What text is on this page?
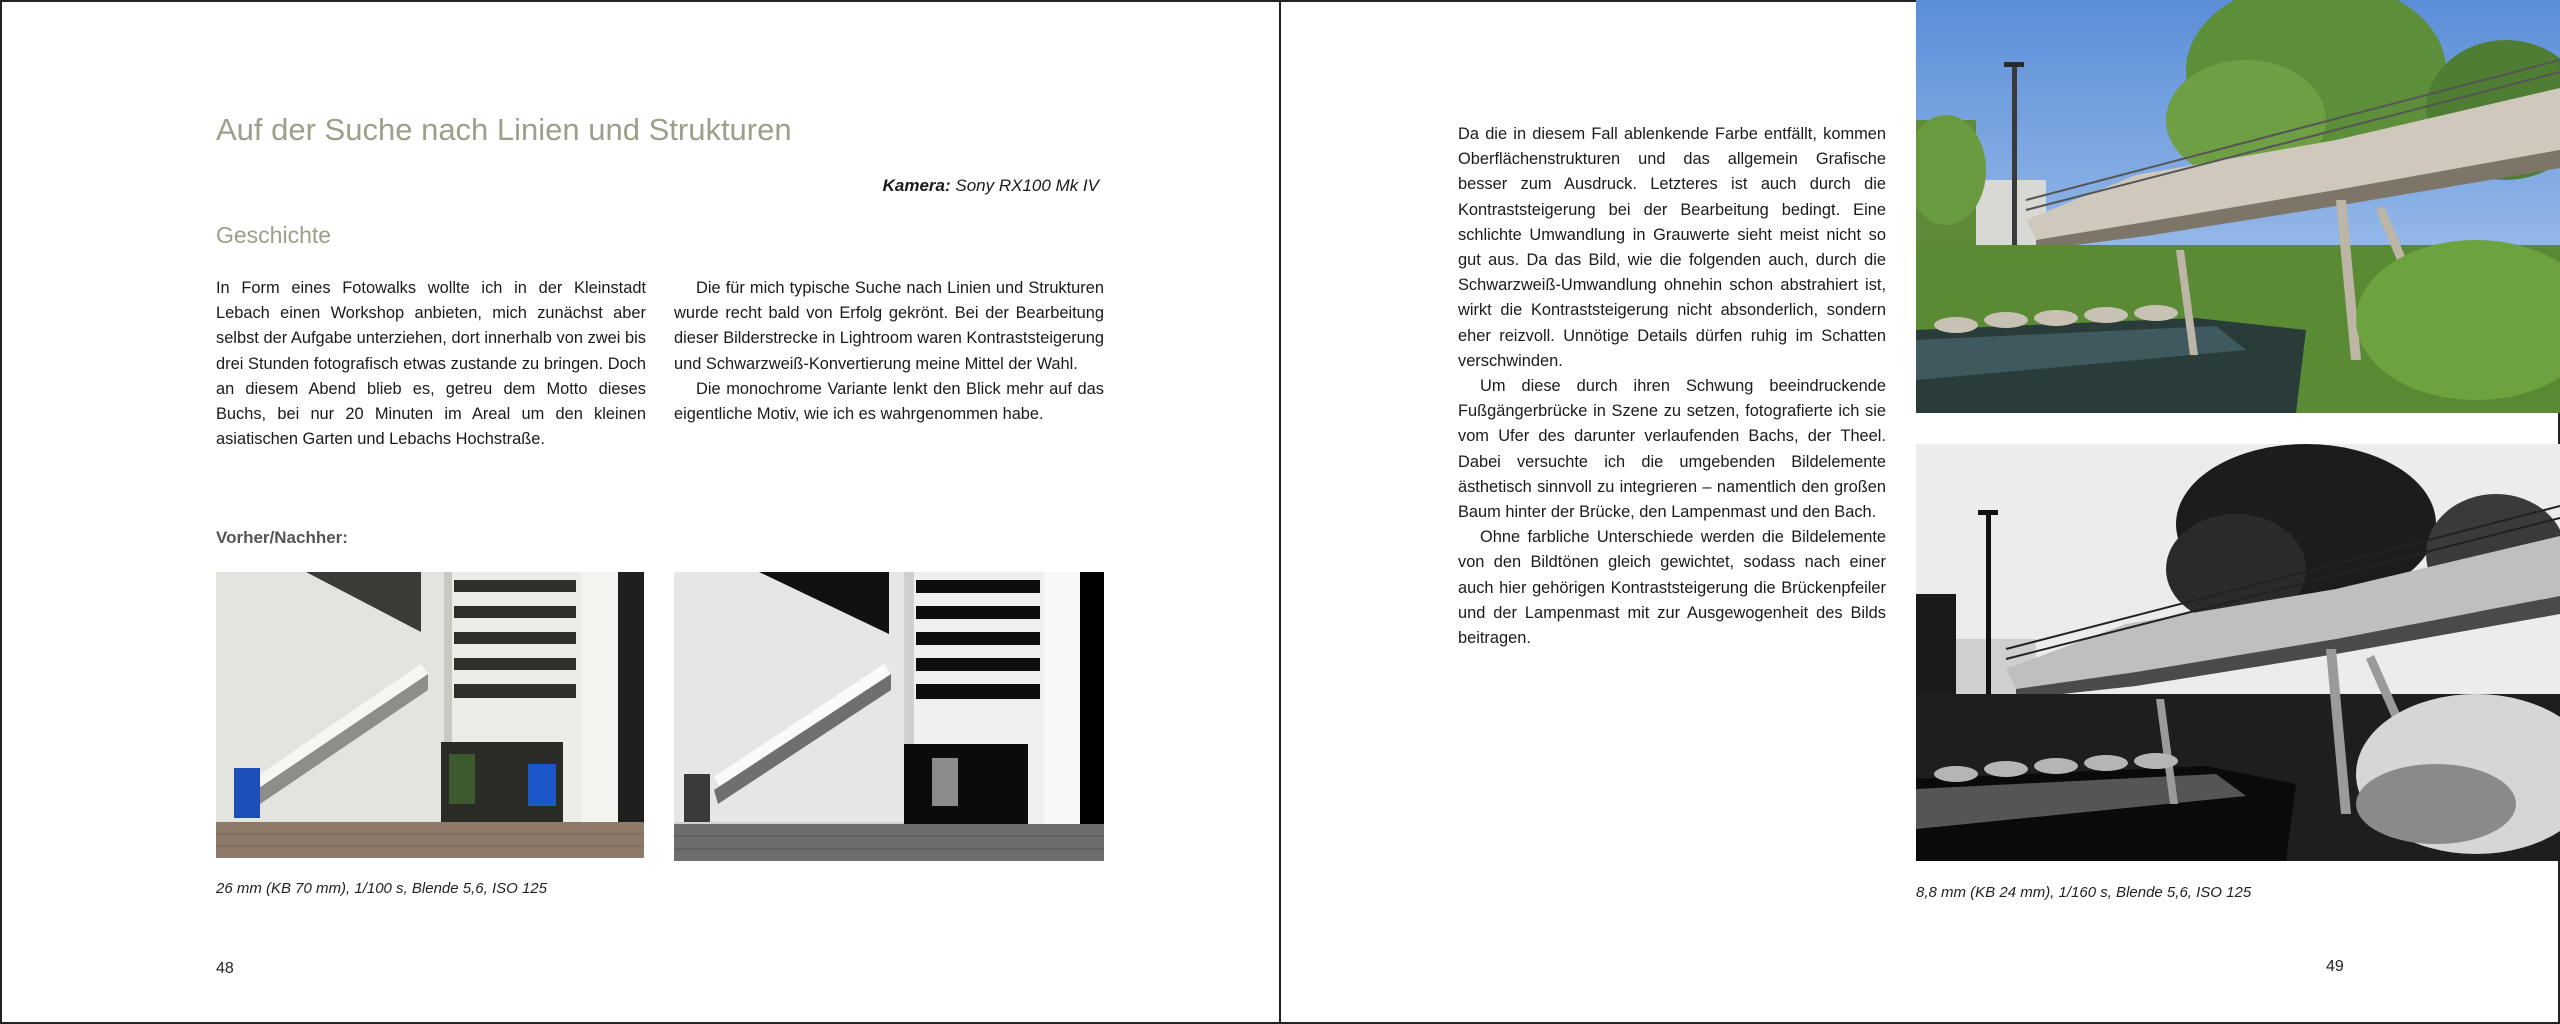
Auf der Suche nach Linien und Strukturen
Kamera: Sony RX100 Mk IV
Geschichte

In Form eines Fotowalks wollte ich in der Kleinstadt Lebach einen Workshop anbieten, mich zunächst aber selbst der Aufgabe unterziehen, dort innerhalb von zwei bis drei Stunden fotografisch etwas zustande zu bringen. Doch an diesem Abend blieb es, getreu dem Motto dieses Buchs, bei nur 20 Minuten im Areal um den kleinen asiatischen Garten und Lebachs Hochstraße.

Die für mich typische Suche nach Linien und Strukturen wurde recht bald von Erfolg gekrönt. Bei der Bearbeitung dieser Bilderstrecke in Lightroom waren Kontraststeigerung und Schwarzweiß-Konvertierung meine Mittel der Wahl.

Die monochrome Variante lenkt den Blick mehr auf das eigentliche Motiv, wie ich es wahrgenommen habe.

Vorher/Nachher:
26 mm (KB 70 mm), 1/100 s, Blende 5,6, ISO 125
48

Da die in diesem Fall ablenkende Farbe entfällt, kommen Oberflächenstrukturen und das allgemein Grafische besser zum Ausdruck. Letzteres ist auch durch die Kontraststeigerung bei der Bearbeitung bedingt. Eine schlichte Umwandlung in Grauwerte sieht meist nicht so gut aus. Da das Bild, wie die folgenden auch, durch die Schwarzweiß-Umwandlung ohnehin schon abstrahiert ist, wirkt die Kontraststeigerung nicht absonderlich, sondern eher reizvoll. Unnötige Details dürfen ruhig im Schatten verschwinden.

Um diese durch ihren Schwung beeindruckende Fußgängerbrücke in Szene zu setzen, fotografierte ich sie vom Ufer des darunter verlaufenden Bachs, der Theel. Dabei versuchte ich die umgebenden Bildelemente ästhetisch sinnvoll zu integrieren – namentlich den großen Baum hinter der Brücke, den Lampenmast und den Bach.

Ohne farbliche Unterschiede werden die Bildelemente von den Bildtönen gleich gewichtet, sodass nach einer auch hier gehörigen Kontraststeigerung die Brückenpfeiler und der Lampenmast mit zur Ausgewogenheit des Bilds beitragen.

8,8 mm (KB 24 mm), 1/160 s, Blende 5,6, ISO 125
49
